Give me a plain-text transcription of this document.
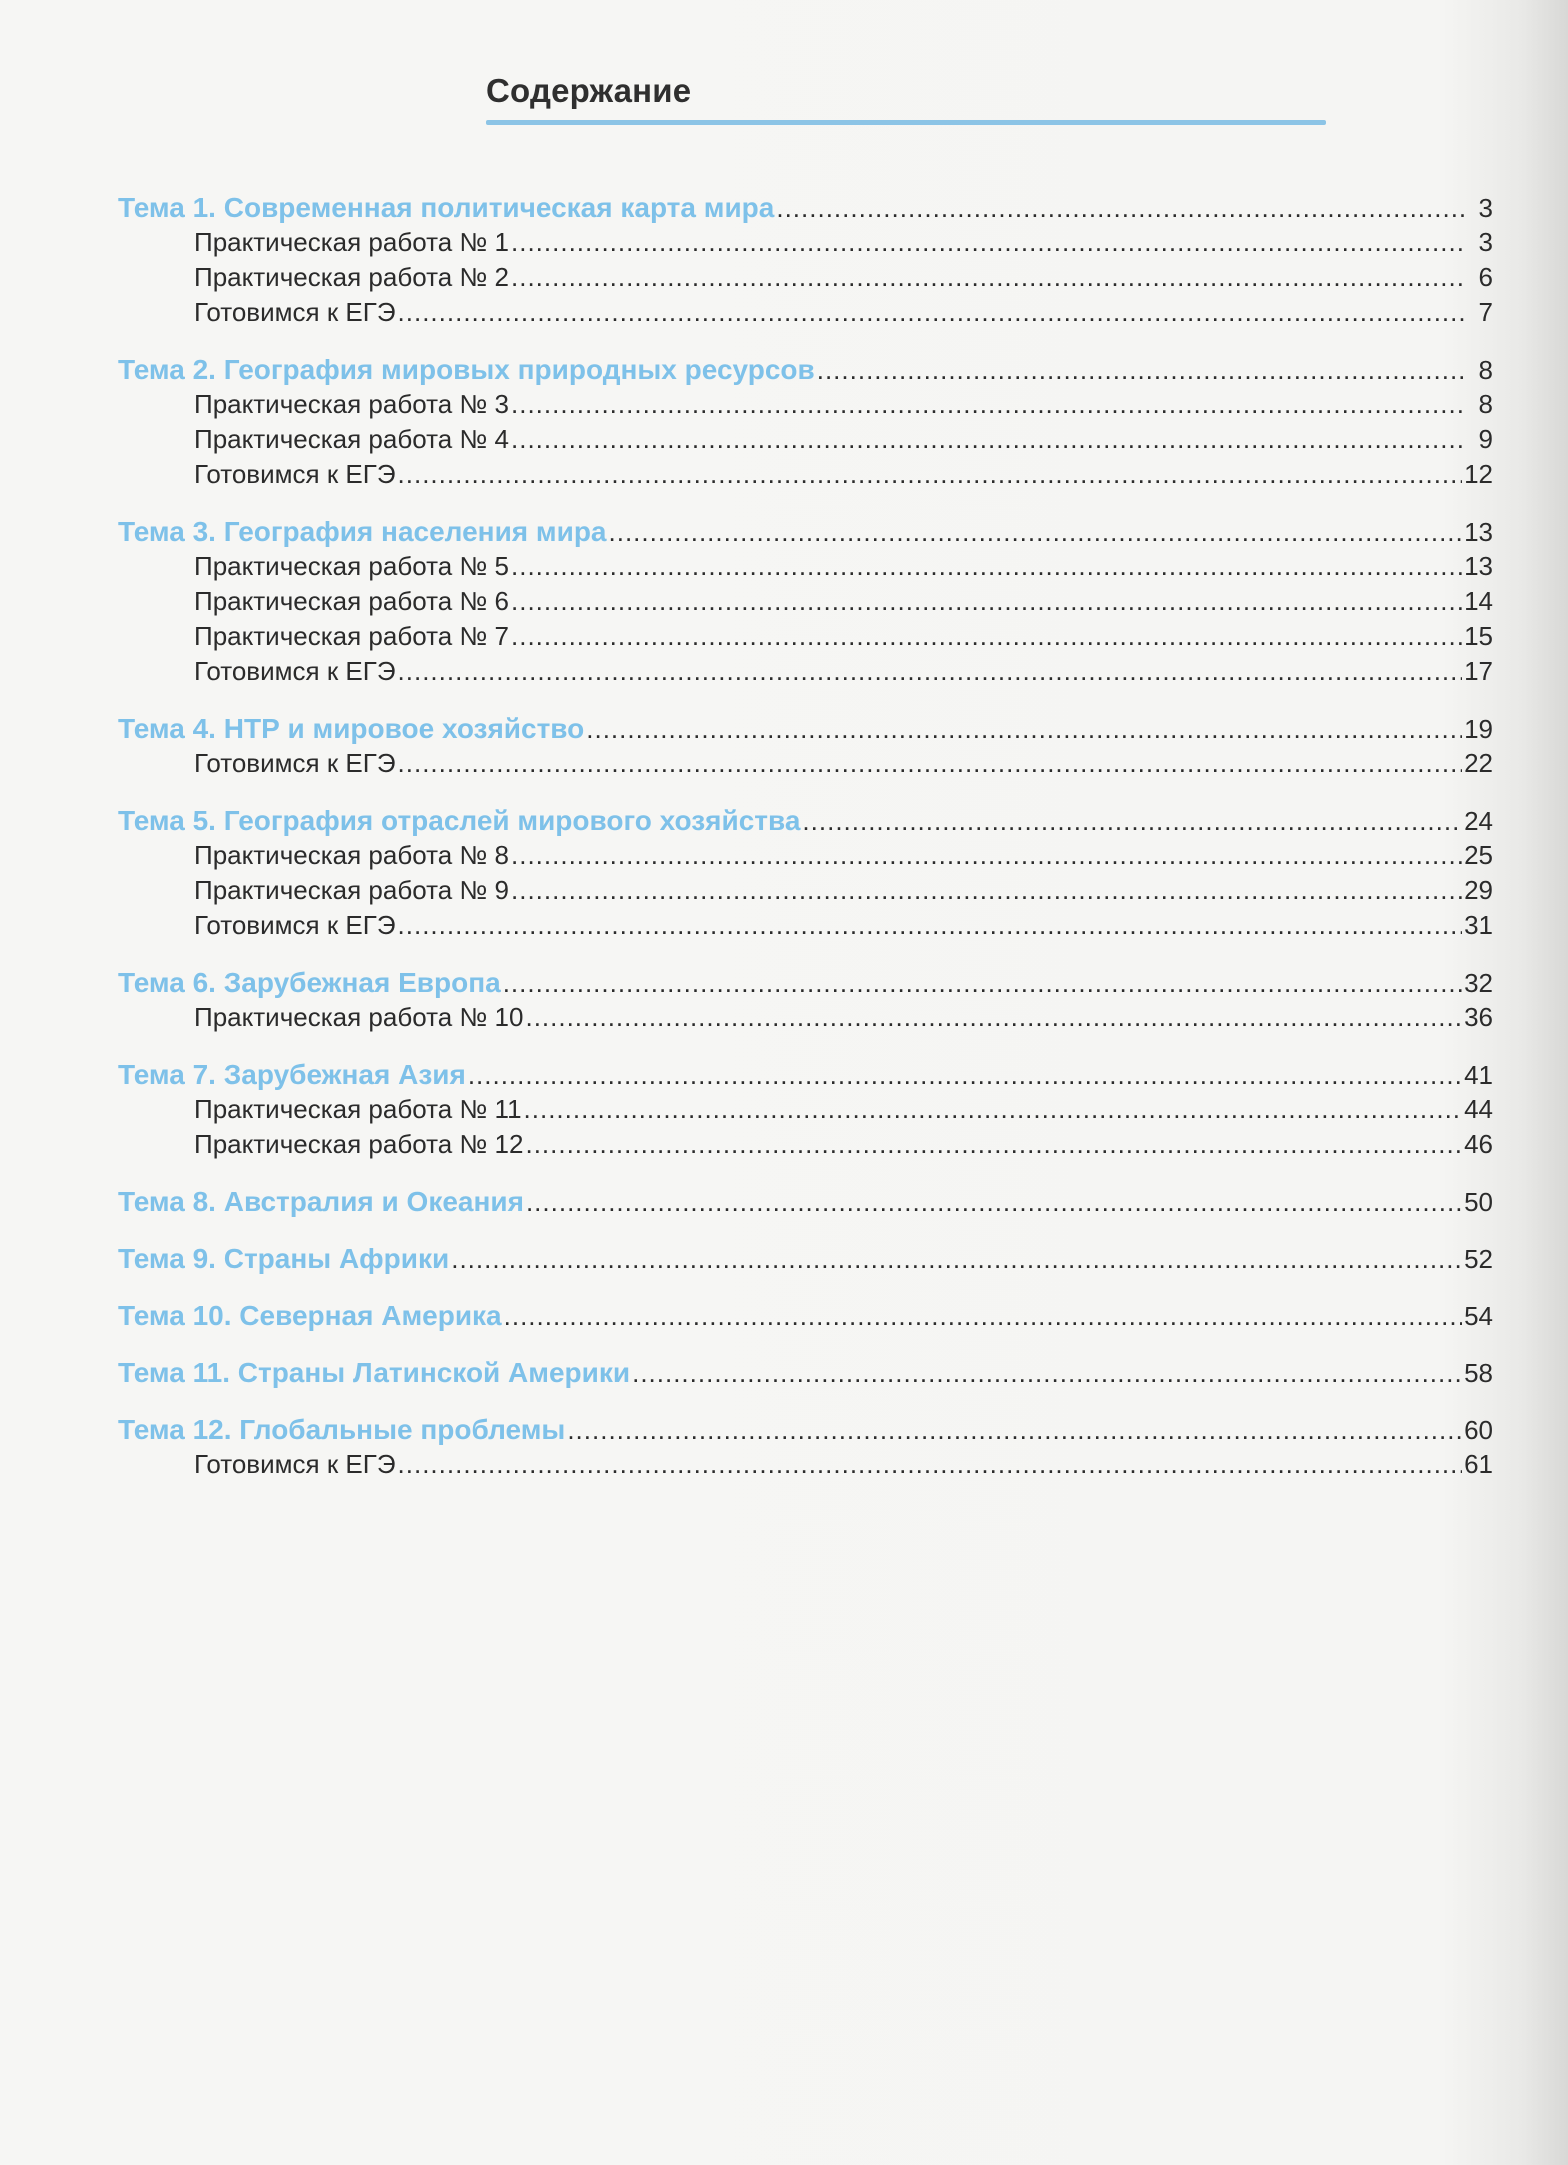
Содержание
Тема 1. Современная политическая карта мира .....	3
Практическая работа № 1 .....	3
Практическая работа № 2 .....	6
Готовимся к ЕГЭ .....	7
Тема 2. География мировых природных ресурсов .....	8
Практическая работа № 3 .....	8
Практическая работа № 4 .....	9
Готовимся к ЕГЭ .....	12
Тема 3. География населения мира .....	13
Практическая работа № 5 .....	13
Практическая работа № 6 .....	14
Практическая работа № 7 .....	15
Готовимся к ЕГЭ .....	17
Тема 4. НТР и мировое хозяйство .....	19
Готовимся к ЕГЭ .....	22
Тема 5. География отраслей мирового хозяйства .....	24
Практическая работа № 8 .....	25
Практическая работа № 9 .....	29
Готовимся к ЕГЭ .....	31
Тема 6. Зарубежная Европа .....	32
Практическая работа № 10 .....	36
Тема 7. Зарубежная Азия .....	41
Практическая работа № 11 .....	44
Практическая работа № 12 .....	46
Тема 8. Австралия и Океания .....	50
Тема 9. Страны Африки .....	52
Тема 10. Северная Америка .....	54
Тема 11. Страны Латинской Америки .....	58
Тема 12. Глобальные проблемы .....	60
Готовимся к ЕГЭ .....	61
